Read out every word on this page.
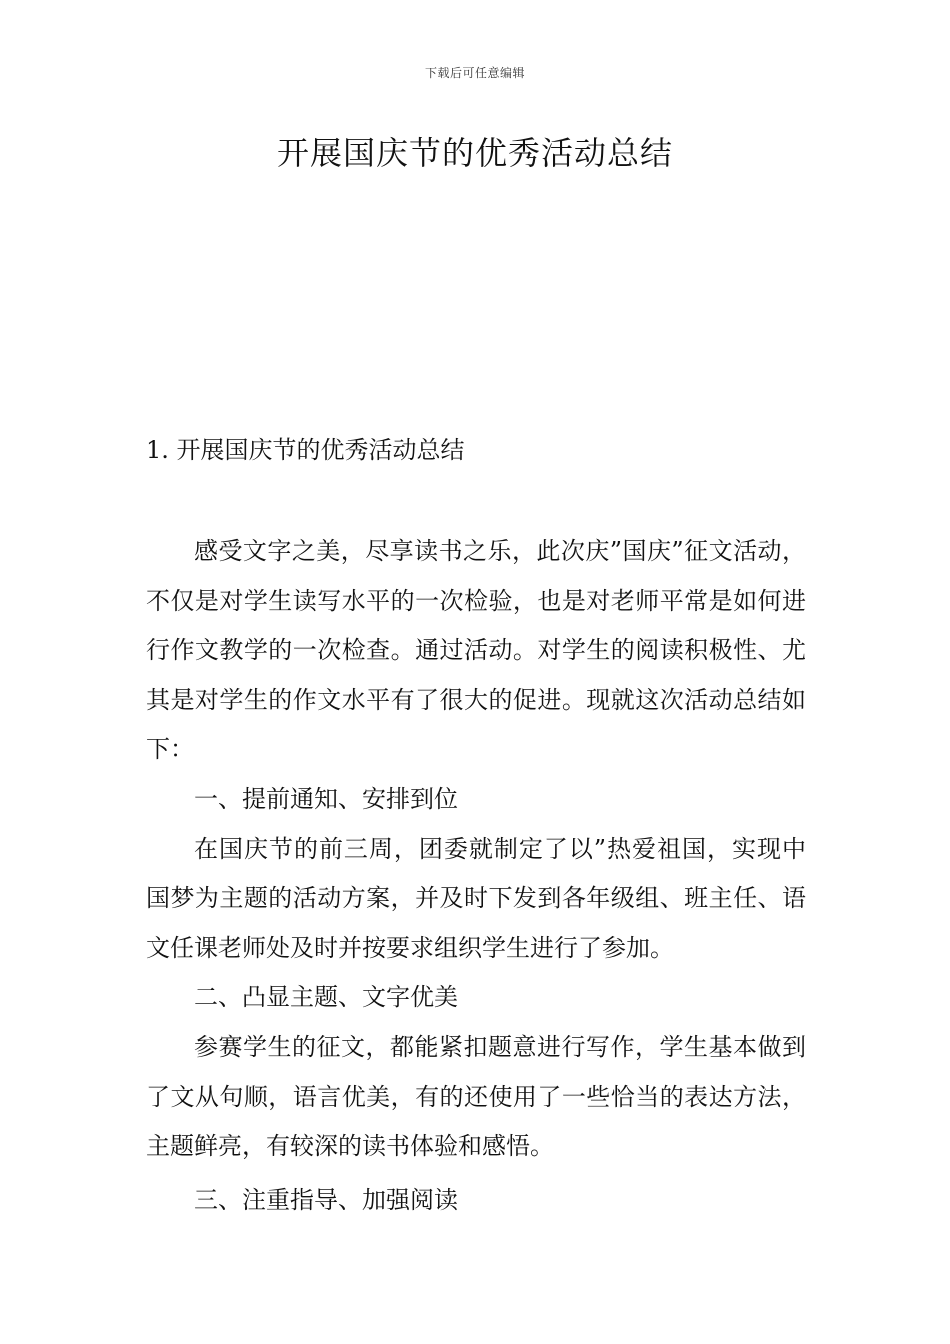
下载后可任意编辑
开展国庆节的优秀活动总结
1. 开展国庆节的优秀活动总结

感受文字之美，尽享读书之乐，此次庆”国庆”征文活动，不仅是对学生读写水平的一次检验，也是对老师平常是如何进行作文教学的一次检查。通过活动。对学生的阅读积极性、尤其是对学生的作文水平有了很大的促进。现就这次活动总结如下：

一、提前通知、安排到位

在国庆节的前三周，团委就制定了以”热爱祖国，实现中国梦为主题的活动方案，并及时下发到各年级组、班主任、语文任课老师处及时并按要求组织学生进行了参加。

二、凸显主题、文字优美

参赛学生的征文，都能紧扣题意进行写作，学生基本做到了文从句顺，语言优美，有的还使用了一些恰当的表达方法，主题鲜亮，有较深的读书体验和感悟。

三、注重指导、加强阅读
